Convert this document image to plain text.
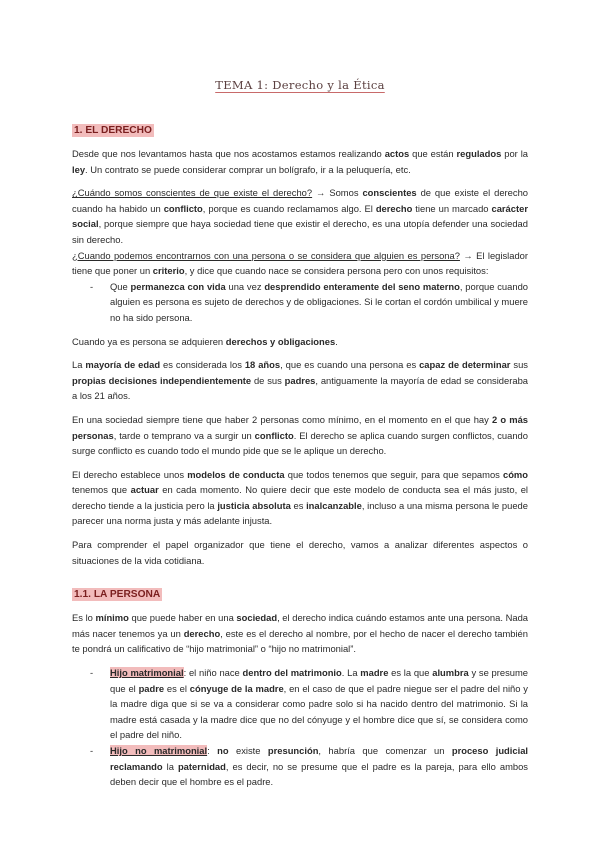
TEMA 1: Derecho y la Ética
1. EL DERECHO

Desde que nos levantamos hasta que nos acostamos estamos realizando actos que están regulados por la ley. Un contrato se puede considerar comprar un bolígrafo, ir a la peluquería, etc.

¿Cuándo somos conscientes de que existe el derecho? → Somos conscientes de que existe el derecho cuando ha habido un conflicto, porque es cuando reclamamos algo. El derecho tiene un marcado carácter social, porque siempre que haya sociedad tiene que existir el derecho, es una utopía defender una sociedad sin derecho.

¿Cuando podemos encontrarnos con una persona o se considera que alguien es persona? → El legislador tiene que poner un criterio, y dice que cuando nace se considera persona pero con unos requisitos:

- Que permanezca con vida una vez desprendido enteramente del seno materno, porque cuando alguien es persona es sujeto de derechos y de obligaciones. Si le cortan el cordón umbilical y muere no ha sido persona.

Cuando ya es persona se adquieren derechos y obligaciones.

La mayoría de edad es considerada los 18 años, que es cuando una persona es capaz de determinar sus propias decisiones independientemente de sus padres, antiguamente la mayoría de edad se consideraba a los 21 años.

En una sociedad siempre tiene que haber 2 personas como mínimo, en el momento en el que hay 2 o más personas, tarde o temprano va a surgir un conflicto. El derecho se aplica cuando surgen conflictos, cuando surge conflicto es cuando todo el mundo pide que se le aplique un derecho.

El derecho establece unos modelos de conducta que todos tenemos que seguir, para que sepamos cómo tenemos que actuar en cada momento. No quiere decir que este modelo de conducta sea el más justo, el derecho tiende a la justicia pero la justicia absoluta es inalcanzable, incluso a una misma persona le puede parecer una norma justa y más adelante injusta.

Para comprender el papel organizador que tiene el derecho, vamos a analizar diferentes aspectos o situaciones de la vida cotidiana.

1.1. LA PERSONA

Es lo mínimo que puede haber en una sociedad, el derecho indica cuándo estamos ante una persona. Nada más nacer tenemos ya un derecho, este es el derecho al nombre, por el hecho de nacer el derecho también te pondrá un calificativo de “hijo matrimonial” o “hijo no matrimonial”.

- Hijo matrimonial: el niño nace dentro del matrimonio. La madre es la que alumbra y se presume que el padre es el cónyuge de la madre, en el caso de que el padre niegue ser el padre del niño y la madre diga que si se va a considerar como padre solo si ha nacido dentro del matrimonio. Si la madre está casada y la madre dice que no del cónyuge y el hombre dice que sí, se considera como el padre del niño.
- Hijo no matrimonial: no existe presunción, habría que comenzar un proceso judicial reclamando la paternidad, es decir, no se presume que el padre es la pareja, para ello ambos deben decir que el hombre es el padre.
